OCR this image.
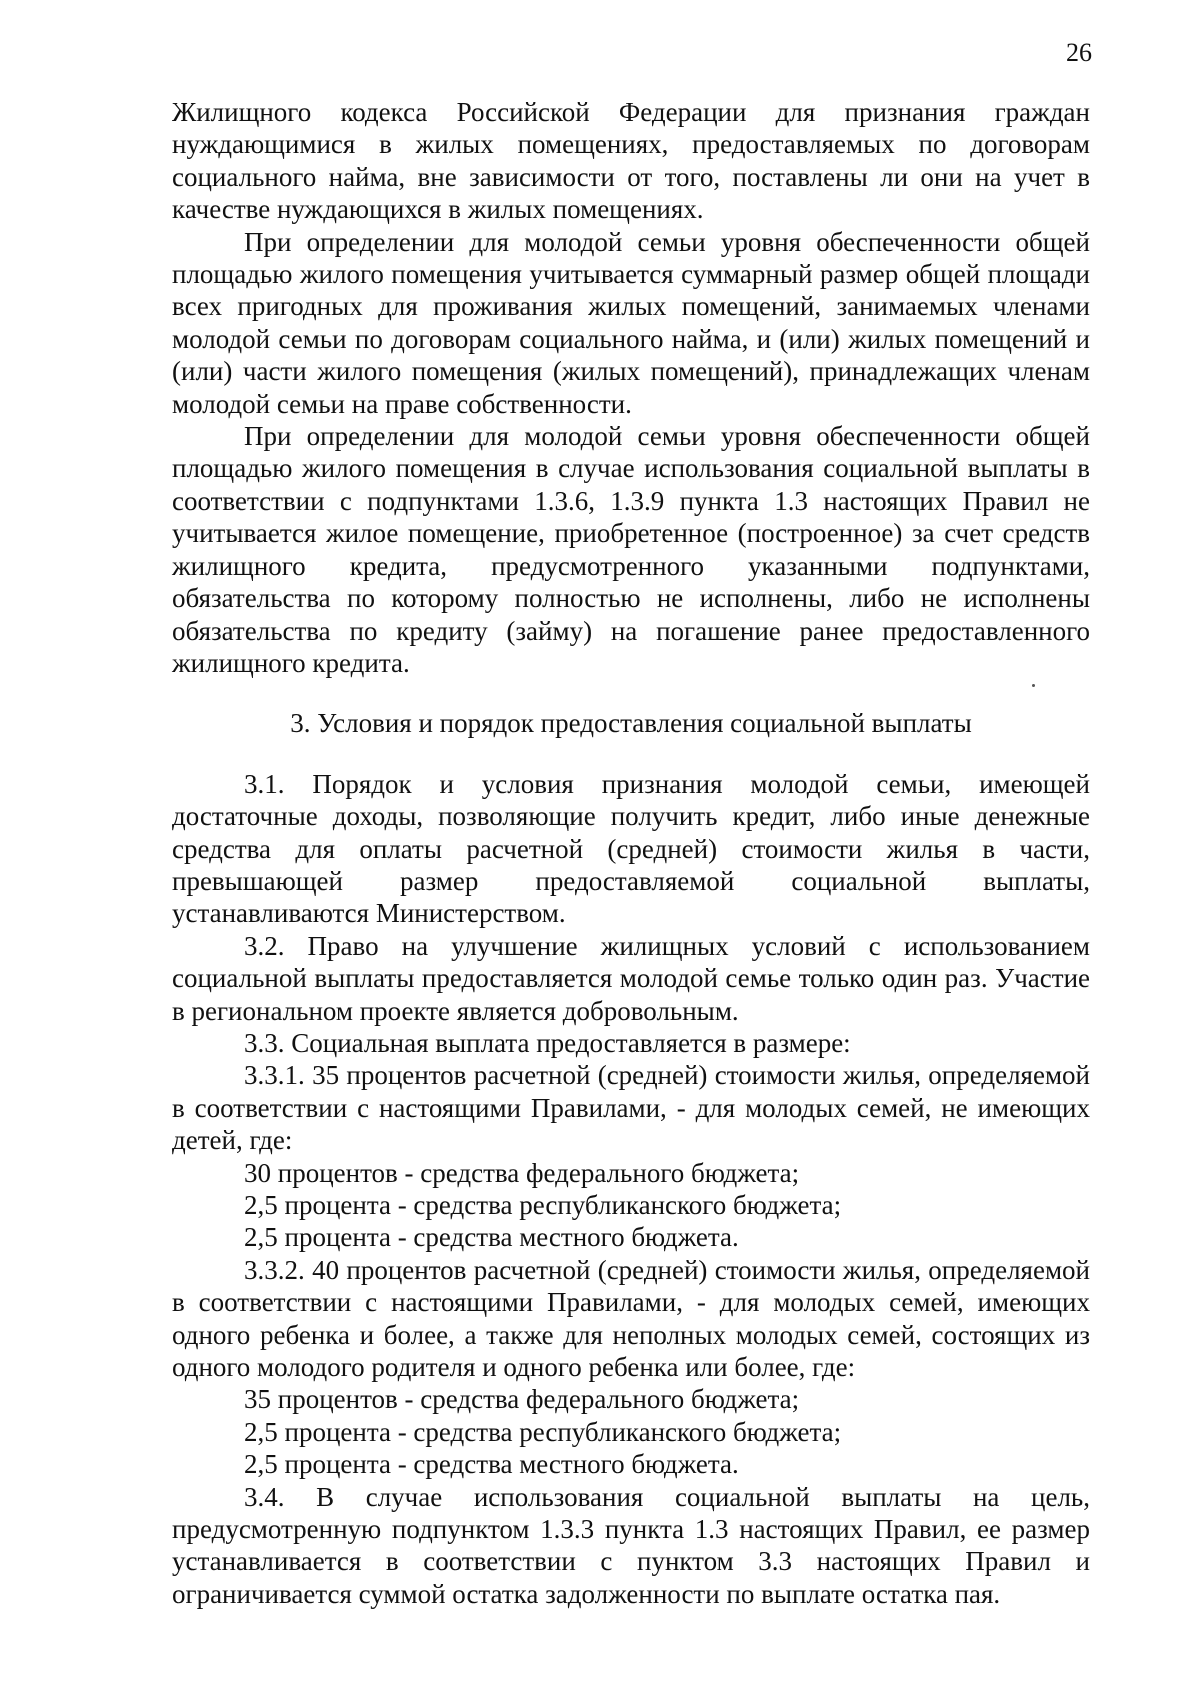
26

Жилищного кодекса Российской Федерации для признания граждан нуждающимися в жилых помещениях, предоставляемых по договорам социального найма, вне зависимости от того, поставлены ли они на учет в качестве нуждающихся в жилых помещениях.

При определении для молодой семьи уровня обеспеченности общей площадью жилого помещения учитывается суммарный размер общей площади всех пригодных для проживания жилых помещений, занимаемых членами молодой семьи по договорам социального найма, и (или) жилых помещений и (или) части жилого помещения (жилых помещений), принадлежащих членам молодой семьи на праве собственности.

При определении для молодой семьи уровня обеспеченности общей площадью жилого помещения в случае использования социальной выплаты в соответствии с подпунктами 1.3.6, 1.3.9 пункта 1.3 настоящих Правил не учитывается жилое помещение, приобретенное (построенное) за счет средств жилищного кредита, предусмотренного указанными подпунктами, обязательства по которому полностью не исполнены, либо не исполнены обязательства по кредиту (займу) на погашение ранее предоставленного жилищного кредита.

3. Условия и порядок предоставления социальной выплаты

3.1. Порядок и условия признания молодой семьи, имеющей достаточные доходы, позволяющие получить кредит, либо иные денежные средства для оплаты расчетной (средней) стоимости жилья в части, превышающей размер предоставляемой социальной выплаты, устанавливаются Министерством.

3.2. Право на улучшение жилищных условий с использованием социальной выплаты предоставляется молодой семье только один раз. Участие в региональном проекте является добровольным.

3.3. Социальная выплата предоставляется в размере:

3.3.1. 35 процентов расчетной (средней) стоимости жилья, определяемой в соответствии с настоящими Правилами, - для молодых семей, не имеющих детей, где:

30 процентов - средства федерального бюджета;

2,5 процента - средства республиканского бюджета;

2,5 процента - средства местного бюджета.

3.3.2. 40 процентов расчетной (средней) стоимости жилья, определяемой в соответствии с настоящими Правилами, - для молодых семей, имеющих одного ребенка и более, а также для неполных молодых семей, состоящих из одного молодого родителя и одного ребенка или более, где:

35 процентов - средства федерального бюджета;

2,5 процента - средства республиканского бюджета;

2,5 процента - средства местного бюджета.

3.4. В случае использования социальной выплаты на цель, предусмотренную подпунктом 1.3.3 пункта 1.3 настоящих Правил, ее размер устанавливается в соответствии с пунктом 3.3 настоящих Правил и ограничивается суммой остатка задолженности по выплате остатка пая.
